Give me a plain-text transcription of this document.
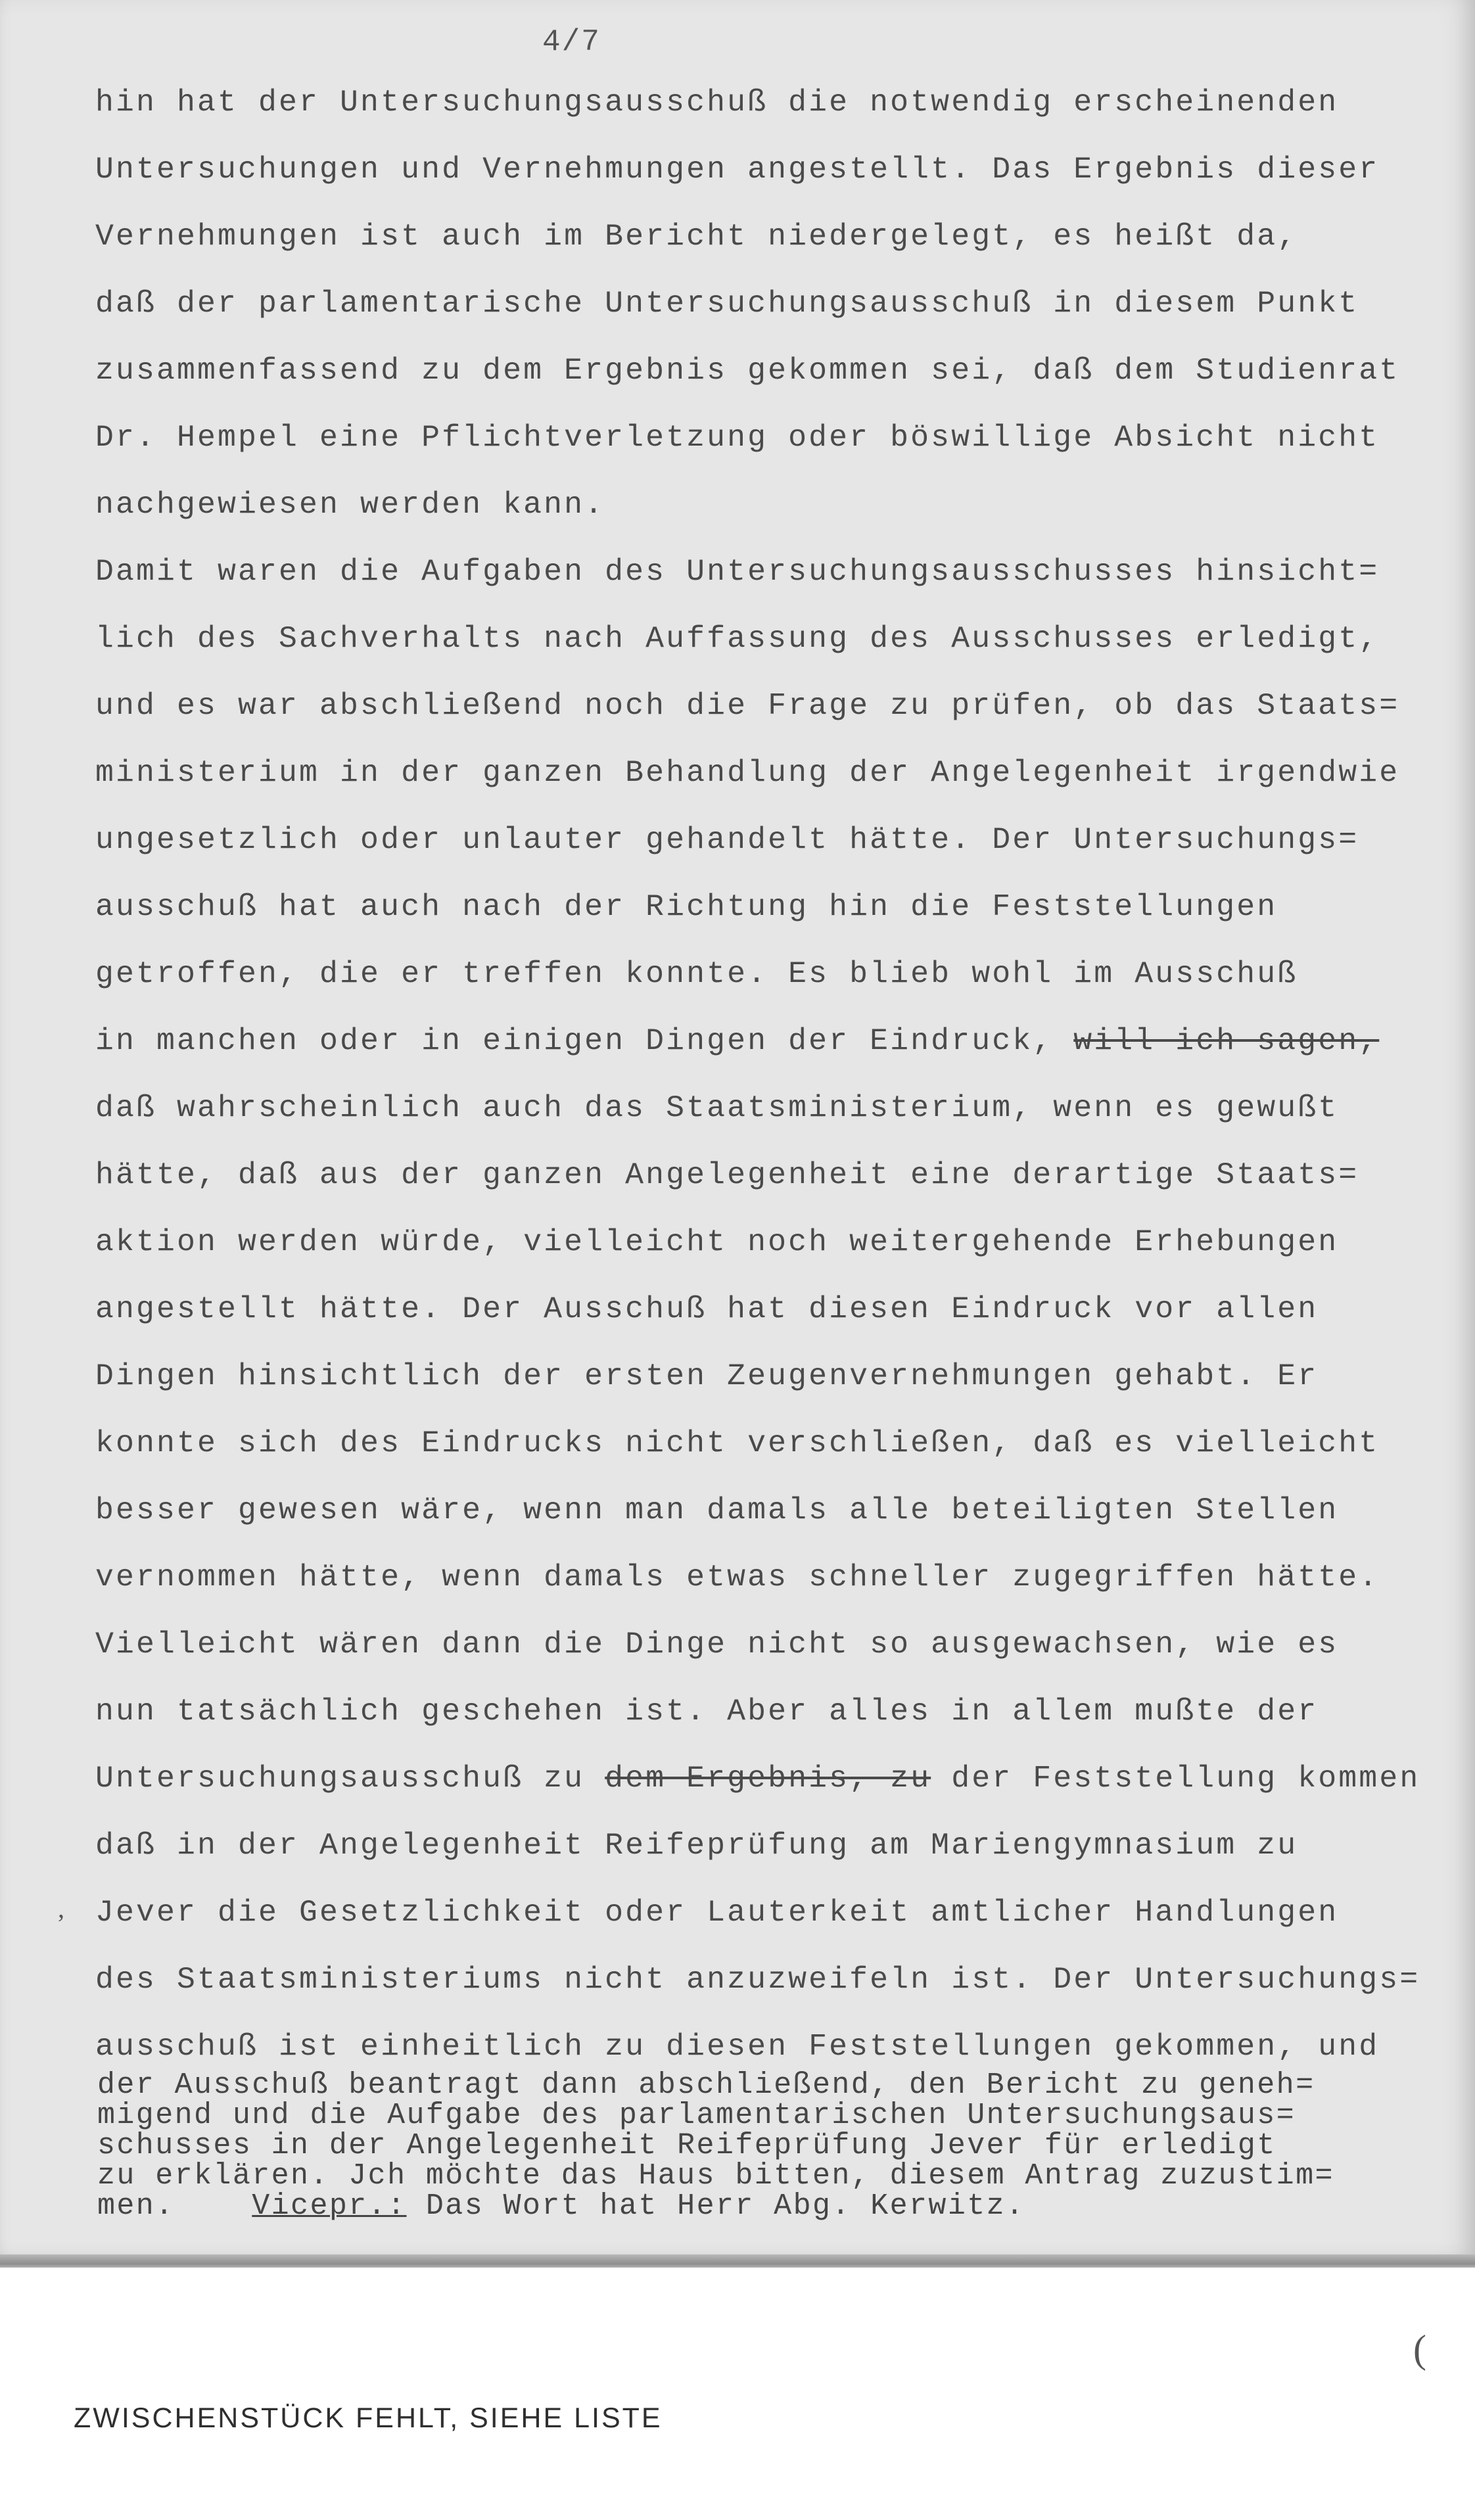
4/7
hin hat der Untersuchungsausschuß die notwendig erscheinenden
Untersuchungen und Vernehmungen angestellt. Das Ergebnis dieser
Vernehmungen ist auch im Bericht niedergelegt, es heißt da,
daß der parlamentarische Untersuchungsausschuß in diesem Punkt
zusammenfassend zu dem Ergebnis gekommen sei, daß dem Studienrat
Dr. Hempel eine Pflichtverletzung oder böswillige Absicht nicht
nachgewiesen werden kann.
Damit waren die Aufgaben des Untersuchungsausschusses hinsicht=
lich des Sachverhalts nach Auffassung des Ausschusses erledigt,
und es war abschließend noch die Frage zu prüfen, ob das Staats=
ministerium in der ganzen Behandlung der Angelegenheit irgendwie
ungesetzlich oder unlauter gehandelt hätte. Der Untersuchungs=
ausschuß hat auch nach der Richtung hin die Feststellungen
getroffen, die er treffen konnte. Es blieb wohl im Ausschuß
in manchen oder in einigen Dingen der Eindruck, will ich sagen,
daß wahrscheinlich auch das Staatsministerium, wenn es gewußt
hätte, daß aus der ganzen Angelegenheit eine derartige Staats=
aktion werden würde, vielleicht noch weitergehende Erhebungen
angestellt hätte. Der Ausschuß hat diesen Eindruck vor allen
Dingen hinsichtlich der ersten Zeugenvernehmungen gehabt. Er
konnte sich des Eindrucks nicht verschließen, daß es vielleicht
besser gewesen wäre, wenn man damals alle beteiligten Stellen
vernommen hätte, wenn damals etwas schneller zugegriffen hätte.
Vielleicht wären dann die Dinge nicht so ausgewachsen, wie es
nun tatsächlich geschehen ist. Aber alles in allem mußte der
Untersuchungsausschuß zu dem Ergebnis, zu der Feststellung kommen
daß in der Angelegenheit Reifeprüfung am Mariengymnasium zu
Jever die Gesetzlichkeit oder Lauterkeit amtlicher Handlungen
des Staatsministeriums nicht anzuzweifeln ist. Der Untersuchungs=
ausschuß ist einheitlich zu diesen Feststellungen gekommen, und
der Ausschuß beantragt dann abschließend, den Bericht zu geneh=
migend und die Aufgabe des parlamentarischen Untersuchungsaus=
schusses in der Angelegenheit Reifeprüfung Jever für erledigt
zu erklären. Jch möchte das Haus bitten, diesem Antrag zuzustim=
men.	Vicepr.: Das Wort hat Herr Abg. Kerwitz.
,
(
ZWISCHENSTÜCK FEHLT, SIEHE LISTE
